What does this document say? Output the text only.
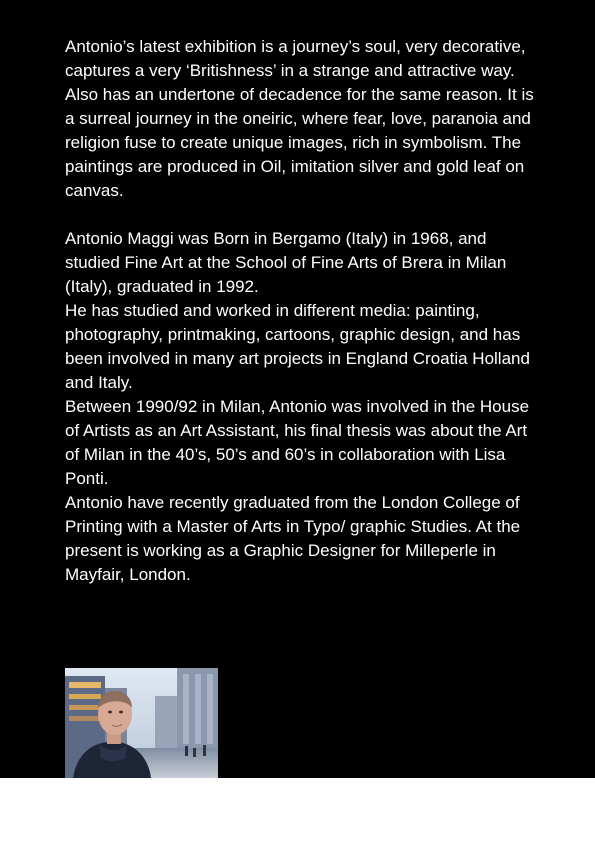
Antonio’s latest exhibition is a journey’s soul, very decorative, captures a very ‘Britishness’ in a strange and attractive way. Also has an undertone of decadence for the same reason. It is a surreal journey in the oneiric, where fear, love, paranoia and religion fuse to create unique images, rich in symbolism. The paintings are produced in Oil, imitation silver and gold leaf on canvas.

Antonio Maggi was Born in Bergamo (Italy) in 1968, and studied Fine Art at the School of Fine Arts of Brera in Milan (Italy), graduated in 1992.

He has studied and worked in different media: painting, photography, printmaking, cartoons, graphic design, and has been involved in many art projects in England Croatia Holland and Italy.

Between 1990/92 in Milan, Antonio was involved in the House of Artists as an Art Assistant, his final thesis was about the Art of Milan in the 40’s, 50’s and 60’s in collaboration with Lisa Ponti.

Antonio have recently graduated from the London College of Printing with a Master of Arts in Typo/ graphic Studies. At the present is working as a Graphic Designer for Milleperle in Mayfair, London.
